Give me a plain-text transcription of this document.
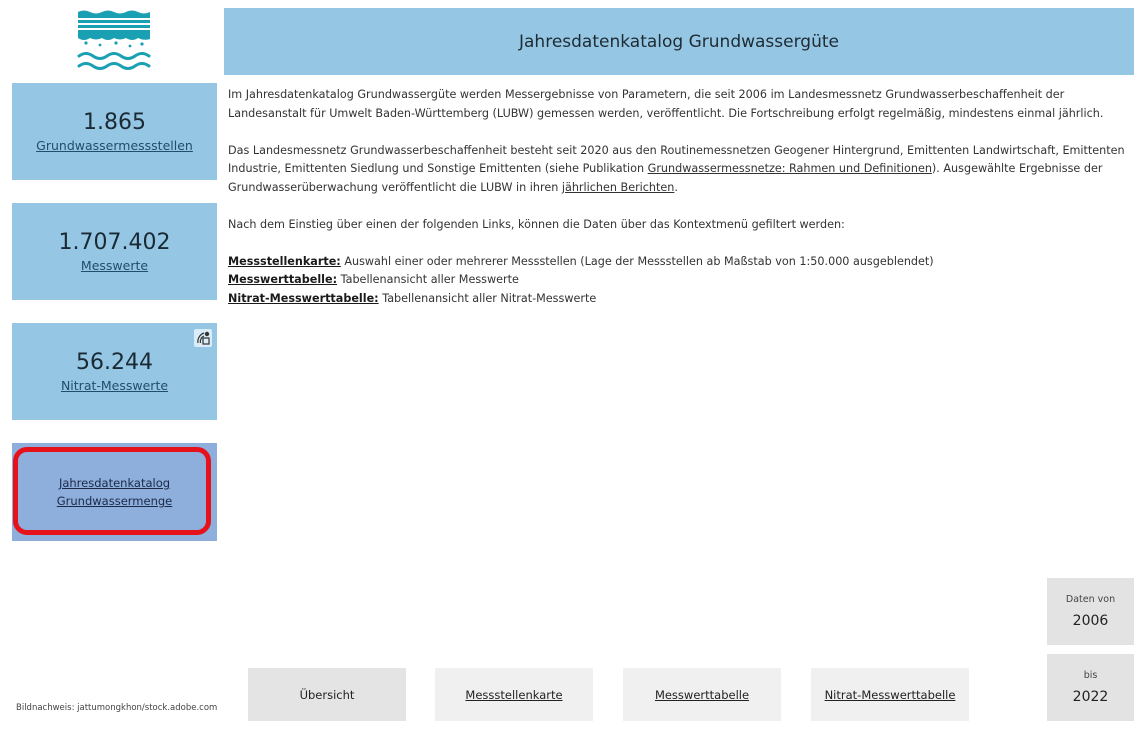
Jahresdatenkatalog Grundwassergüte
1.865
Grundwassermessstellen
1.707.402
Messwerte
56.244
Nitrat-Messwerte
Jahresdatenkatalog
Grundwassermenge

Im Jahresdatenkatalog Grundwassergüte werden Messergebnisse von Parametern, die seit 2006 im Landesmessnetz Grundwasserbeschaffenheit der Landesanstalt für Umwelt Baden-Württemberg (LUBW) gemessen werden, veröffentlicht. Die Fortschreibung erfolgt regelmäßig, mindestens einmal jährlich.

Das Landesmessnetz Grundwasserbeschaffenheit besteht seit 2020 aus den Routinemessnetzen Geogener Hintergrund, Emittenten Landwirtschaft, Emittenten Industrie, Emittenten Siedlung und Sonstige Emittenten (siehe Publikation Grundwassermessnetze: Rahmen und Definitionen). Ausgewählte Ergebnisse der Grundwasserüberwachung veröffentlicht die LUBW in ihren jährlichen Berichten.

Nach dem Einstieg über einen der folgenden Links, können die Daten über das Kontextmenü gefiltert werden:

Messstellenkarte: Auswahl einer oder mehrerer Messstellen (Lage der Messstellen ab Maßstab von 1:50.000 ausgeblendet)
Messwerttabelle: Tabellenansicht aller Messwerte
Nitrat-Messwerttabelle: Tabellenansicht aller Nitrat-Messwerte
Bildnachweis: jattumongkhon/stock.adobe.com
Übersicht	Messstellenkarte	Messwerttabelle	Nitrat-Messwerttabelle
Daten von
2006
bis
2022
